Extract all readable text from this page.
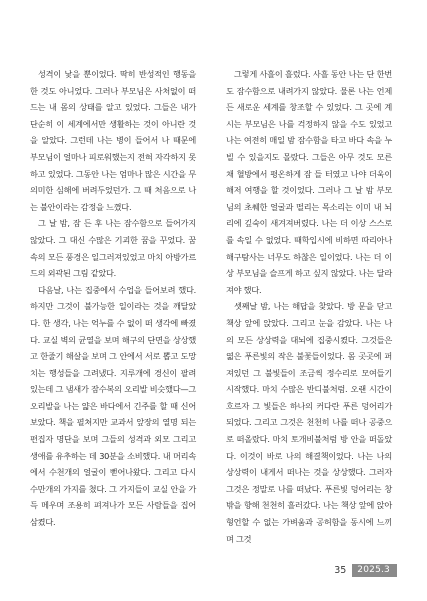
성격이 낯을 뿐이었다. 딱히 반성적인 행동을 한 것도 아니었다. 그러나 부모님은 사처없이 떠드는 내 몸의 상태를 알고 있었다. 그들은 내가 단순히 이 세계에서만 생활하는 것이 아니란 것을 알았다. 그런데 나는 병이 들어서 나 때문에 부모님이 얼마나 피로워했는지 전혀 자각하지 못하고 있었다. 그동안 나는 엄마나 많은 시간을 무의미한 심해에 버려두었던가. 그 때 처음으로 나는 불안이라는 감정을 느꼈다.

그 날 밤, 잠 든 후 나는 잠수함으로 들어가지 않았다. 그 대신 수많은 기괴한 꿈을 꾸었다. 꿈속의 모든 풍경은 일그러져있었고 마치 아방가르드의 외곽된 그림 같았다.

다음날, 나는 집중에서 수업을 들어보려 했다. 하지만 그것이 불가능한 일이라는 것을 깨달았다. 한 생각, 나는 억누를 수 없이 떠 생각에 빠졌다. 교실 벽의 균열을 보며 해구의 단면을 상상했고 한줄기 해살을 보며 그 안에서 서로 뽑고 도망 치는 행성들을 그려냈다. 지루개에 경신이 팔려있는데 그 냄새가 잠수복의 오리발 비슷했다—그 오리발을 나는 얇은 바다에서 긴주를 할 때 신어보았다. 책을 펼쳐지만 교과서 앞장의 열명 되는 편집자 명단을 보며 그들의 성격과 외모 그리고 생애를 유추하는 데 30분을 소비했다. 내 머리속에서 수천개의 얼굴이 뻗어나왔다. 그리고 다시 수만개의 가지를 쳤다. 그 가지들이 교실 안을 가득 메우며 조용히 펴져나가 모든 사람들을 집어삼켰다.

그렇게 사흘이 흘렀다. 사흘 동안 나는 단 한번도 잠수함으로 내려가지 않았다. 물론 나는 언제든 새로운 세계를 창조할 수 있었다. 그 곳에 계시는 부모님은 나를 걱정하지 않을 수도 있었고 나는 여전히 매일 밤 잠수함을 타고 바다 속을 누빌 수 있을지도 몰랐다. 그들은 아무 것도 모른 채 혈방에서 평온하게 잠 들 터였고 나야 더욱이 해저 여행을 할 것이었다. 그러나 그 날 밤 부모님의 초췌한 얼굴과 떨리는 목소리는 이미 내 뇌리에 깊숙이 새겨져버렸다. 나는 더 이상 스스로를 속일 수 없었다. 때학입시에 비하면 따리아나 해구탐사는 너무도 하찮은 일이었다. 나는 더 이상 부모님을 슬프게 하고 싶지 않았다. 나는 달라져야 했다.

셋째날 밤, 나는 해답을 찾았다. 방 문을 닫고 책상 앞에 앉았다. 그리고 눈을 감았다. 나는 나의 모든 상상력을 대뇌에 집중시켰다. 그것들은 엷은 푸른빛의 작은 불꽃들이었다. 몸 곳곳에 퍼져있던 그 불빛들이 조금씩 정수리로 모여들기 시작했다. 마치 수많은 반디불처럼. 오랜 시간이 흐르자 그 빛들은 하나의 커다란 푸른 덩어리가 되었다. 그리고 그것은 천천히 나를 떠나 공중으로 떠올랐다. 마치 토개비불처럼 방 안을 떠돌았다. 이것이 바로 나의 해결책이었다. 나는 나의 상상력이 내게서 떠나는 것을 상상했다. 그러자 그것은 정말로 나를 떠났다. 푸른빛 덩어리는 창밖을 향해 천천히 흘러갔다. 나는 책상 앞에 앉아 형언할 수 없는 가벼움과 공허함을 동시에 느끼며 그것

35	2025.3
